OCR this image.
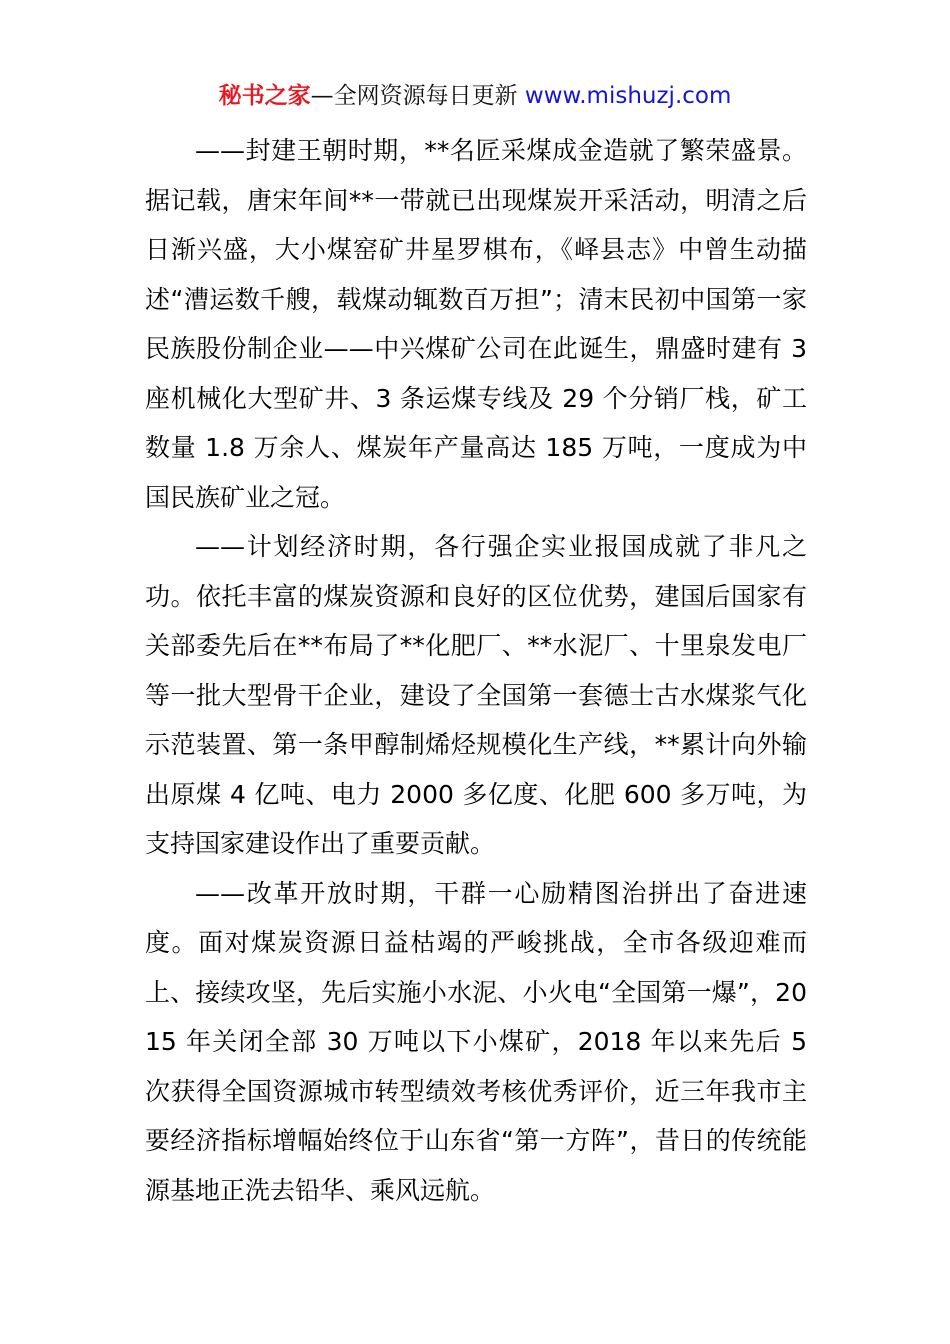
秘书之家—全网资源每日更新 www.mishuzj.com

——封建王朝时期，**名匠采煤成金造就了繁荣盛景。据记载，唐宋年间**一带就已出现煤炭开采活动，明清之后日渐兴盛，大小煤窑矿井星罗棋布，《峄县志》中曾生动描述“漕运数千艘，载煤动辄数百万担”；清末民初中国第一家民族股份制企业——中兴煤矿公司在此诞生，鼎盛时建有 3 座机械化大型矿井、3 条运煤专线及 29 个分销厂栈，矿工数量 1.8 万余人、煤炭年产量高达 185 万吨，一度成为中国民族矿业之冠。

——计划经济时期，各行强企实业报国成就了非凡之功。依托丰富的煤炭资源和良好的区位优势，建国后国家有关部委先后在**布局了**化肥厂、**水泥厂、十里泉发电厂等一批大型骨干企业，建设了全国第一套德士古水煤浆气化示范装置、第一条甲醇制烯烃规模化生产线，**累计向外输出原煤 4 亿吨、电力 2000 多亿度、化肥 600 多万吨，为支持国家建设作出了重要贡献。

——改革开放时期，干群一心励精图治拼出了奋进速度。面对煤炭资源日益枯竭的严峻挑战，全市各级迎难而上、接续攻坚，先后实施小水泥、小火电“全国第一爆”，2015 年关闭全部 30 万吨以下小煤矿，2018 年以来先后 5 次获得全国资源城市转型绩效考核优秀评价，近三年我市主要经济指标增幅始终位于山东省“第一方阵”，昔日的传统能源基地正洗去铅华、乘风远航。
